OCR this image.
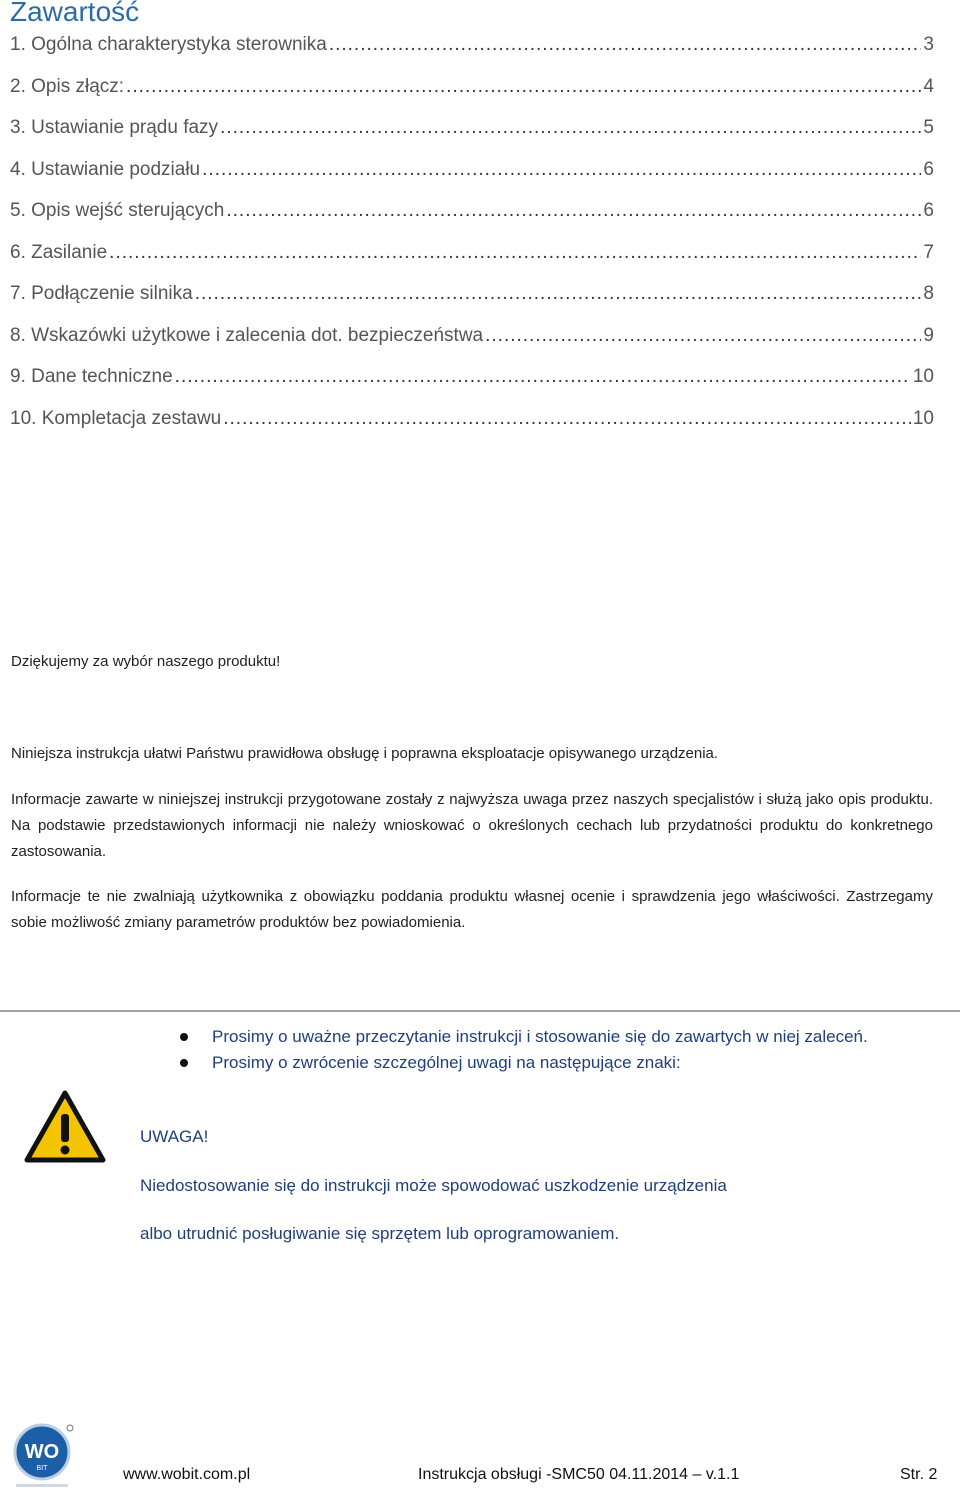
Zawartość
1. Ogólna charakterystyka sterownika .....	3
2. Opis złącz: .....	4
3. Ustawianie prądu fazy .....	5
4. Ustawianie podziału .....	6
5. Opis wejść sterujących .....	6
6. Zasilanie .....	7
7. Podłączenie silnika .....	8
8. Wskazówki użytkowe i zalecenia dot. bezpieczeństwa .....	9
9. Dane techniczne .....	10
10. Kompletacja zestawu .....	10

Dziękujemy za wybór naszego produktu!

Niniejsza instrukcja ułatwi Państwu prawidłowa obsługę i poprawna eksploatacje opisywanego urządzenia.

Informacje zawarte w niniejszej instrukcji przygotowane zostały z najwyższa uwaga przez naszych specjalistów i służą jako opis produktu. Na podstawie przedstawionych informacji nie należy wnioskować o określonych cechach lub przydatności produktu do konkretnego zastosowania.

Informacje te nie zwalniają użytkownika z obowiązku poddania produktu własnej ocenie i sprawdzenia jego właściwości. Zastrzegamy sobie możliwość zmiany parametrów produktów bez powiadomienia.

Prosimy o uważne przeczytanie instrukcji i stosowanie się do zawartych w niej zaleceń.
Prosimy o zwrócenie szczególnej uwagi na następujące znaki:

UWAGA!

Niedostosowanie się do instrukcji może spowodować uszkodzenie urządzenia

albo utrudnić posługiwanie się sprzętem lub oprogramowaniem.

WO
BIT	www.wobit.com.pl	Instrukcja obsługi -SMC50 04.11.2014 – v.1.1	Str. 2
